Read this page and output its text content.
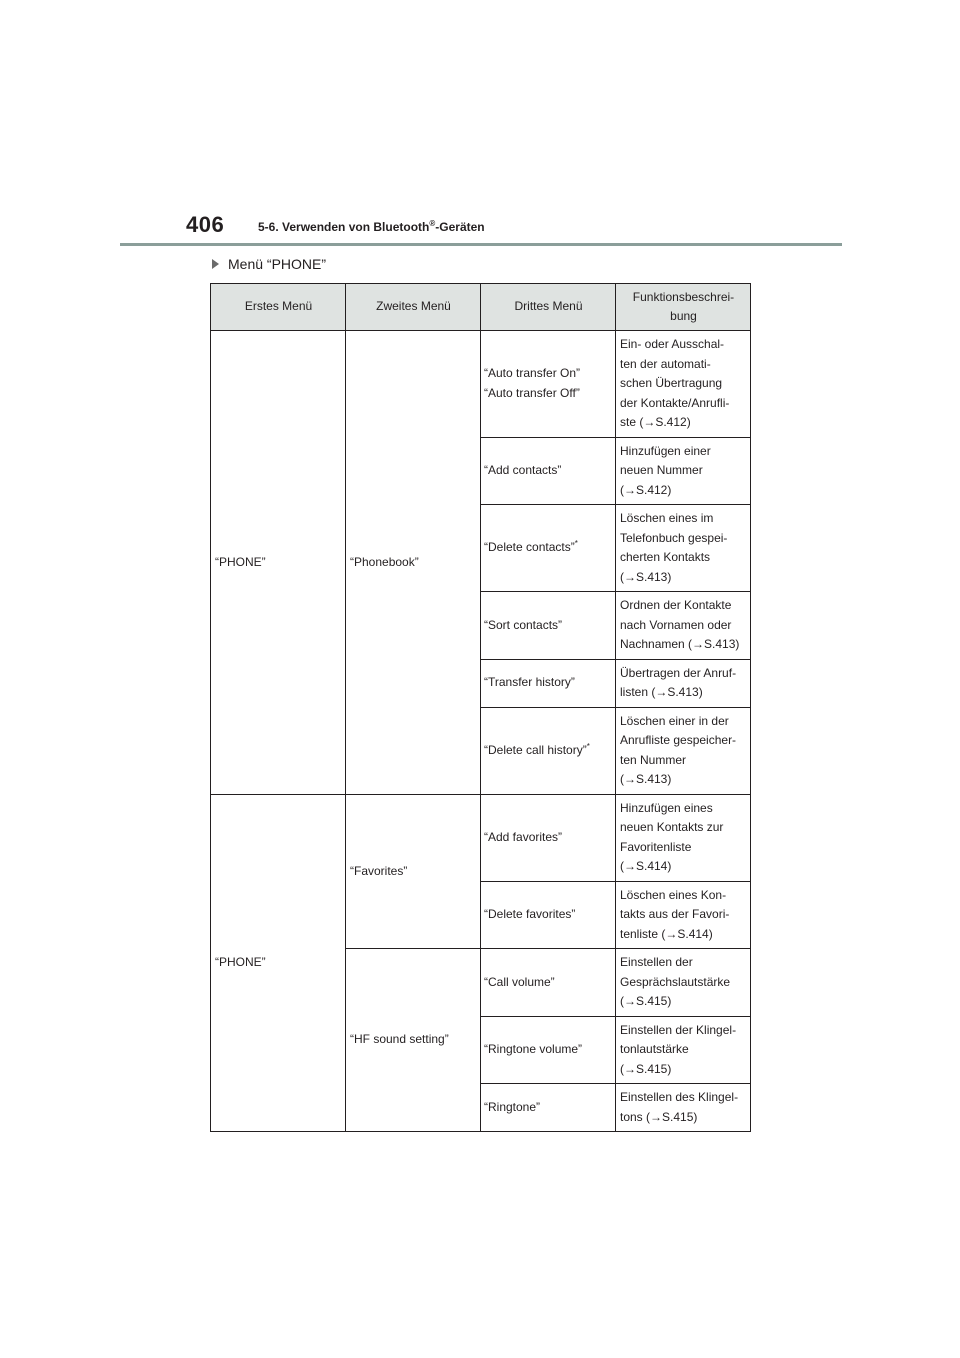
406	5-6. Verwenden von Bluetooth®-Geräten
Menü “PHONE”
Erstes Menü	Zweites Menü	Drittes Menü	Funktionsbeschrei-
bung
“PHONE”	“Phonebook”	“Auto transfer On”
“Auto transfer Off”	Ein- oder Ausschal-
ten der automati-
schen Übertragung
der Kontakte/Anrufli-
ste (→S.412)

		“Add contacts”	Hinzufügen einer
neuen Nummer
(→S.412)

		“Delete contacts”*	Löschen eines im
Telefonbuch gespei-
cherten Kontakts
(→S.413)

		“Sort contacts”	Ordnen der Kontakte
nach Vornamen oder
Nachnamen (→S.413)

		“Transfer history”	Übertragen der Anruf-
listen (→S.413)

		“Delete call history”*	Löschen einer in der
Anrufliste gespeicher-
ten Nummer
(→S.413)

“PHONE”	“Favorites”	“Add favorites”	Hinzufügen eines
neuen Kontakts zur
Favoritenliste
(→S.414)

		“Delete favorites”	Löschen eines Kon-
takts aus der Favori-
tenliste (→S.414)

	“HF sound setting”	“Call volume”	Einstellen der
Gesprächslautstärke
(→S.415)

		“Ringtone volume”	Einstellen der Klingel-
tonlautstärke
(→S.415)

		“Ringtone”	Einstellen des Klingel-
tons (→S.415)
